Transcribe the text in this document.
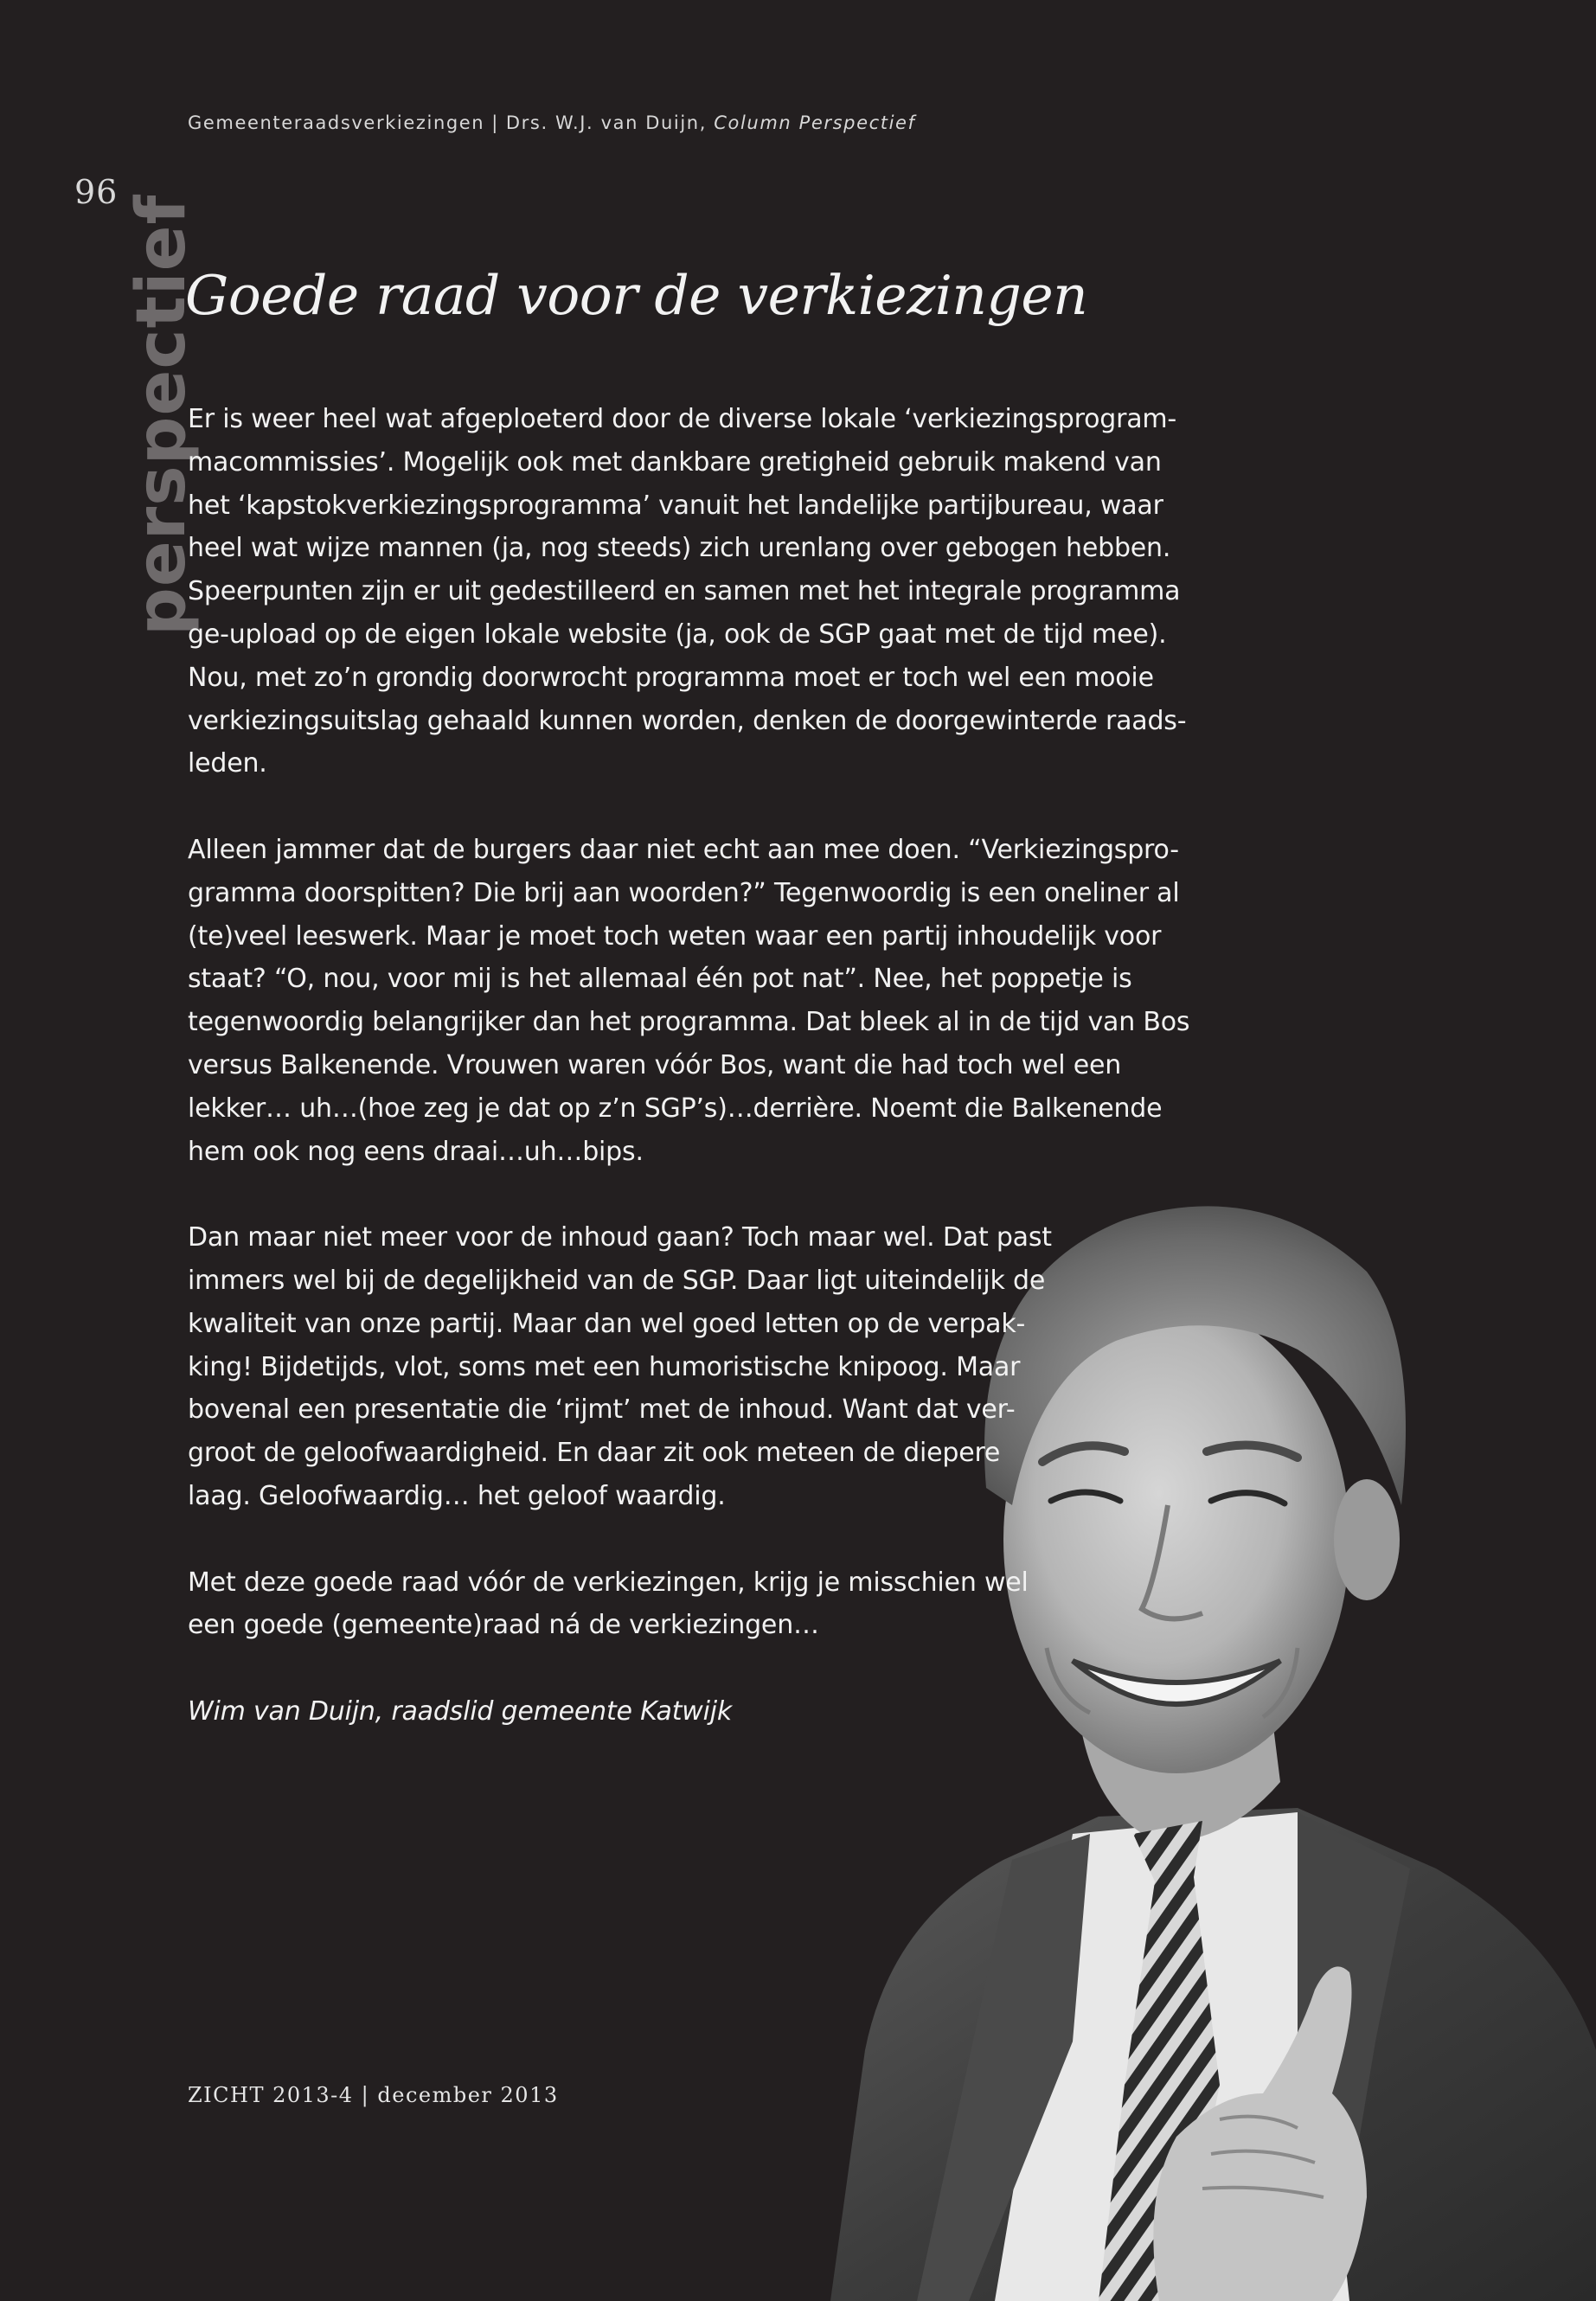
Gemeenteraadsverkiezingen | Drs. W.J. van Duijn, Column Perspectief
96
perspectief
Goede raad voor de verkiezingen
Er is weer heel wat afgeploeterd door de diverse lokale ‘verkiezingsprogram-
macommissies’. Mogelijk ook met dankbare gretigheid gebruik makend van
het ‘kapstokverkiezingsprogramma’ vanuit het landelijke partijbureau, waar
heel wat wijze mannen (ja, nog steeds) zich urenlang over gebogen hebben.
Speerpunten zijn er uit gedestilleerd en samen met het integrale programma
ge-upload op de eigen lokale website (ja, ook de SGP gaat met de tijd mee).
Nou, met zo’n grondig doorwrocht programma moet er toch wel een mooie
verkiezingsuitslag gehaald kunnen worden, denken de doorgewinterde raads-
leden.
Alleen jammer dat de burgers daar niet echt aan mee doen. “Verkiezingspro-
gramma doorspitten? Die brij aan woorden?” Tegenwoordig is een oneliner al
(te)veel leeswerk. Maar je moet toch weten waar een partij inhoudelijk voor
staat? “O, nou, voor mij is het allemaal één pot nat”. Nee, het poppetje is
tegenwoordig belangrijker dan het programma. Dat bleek al in de tijd van Bos
versus Balkenende. Vrouwen waren vóór Bos, want die had toch wel een
lekker… uh…(hoe zeg je dat op z’n SGP’s)…derrière. Noemt die Balkenende
hem ook nog eens draai…uh…bips.
Dan maar niet meer voor de inhoud gaan? Toch maar wel. Dat past
immers wel bij de degelijkheid van de SGP. Daar ligt uiteindelijk de
kwaliteit van onze partij. Maar dan wel goed letten op de verpak-
king! Bijdetijds, vlot, soms met een humoristische knipoog. Maar
bovenal een presentatie die ‘rijmt’ met de inhoud. Want dat ver-
groot de geloofwaardigheid. En daar zit ook meteen de diepere
laag. Geloofwaardig… het geloof waardig.
Met deze goede raad vóór de verkiezingen, krijg je misschien wel
een goede (gemeente)raad ná de verkiezingen…
Wim van Duijn, raadslid gemeente Katwijk
ZICHT 2013-4 | december 2013
